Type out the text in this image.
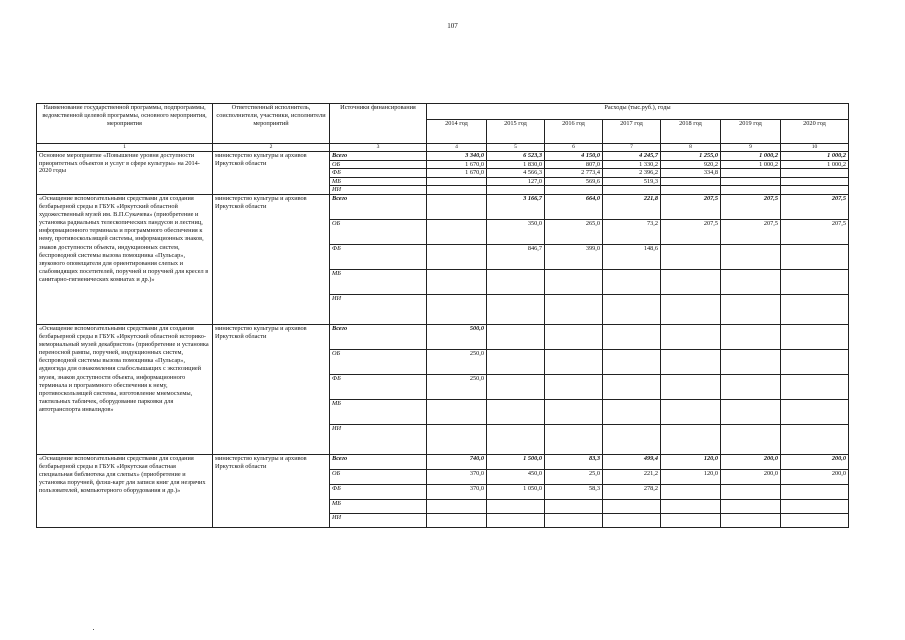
107
Наименование государственной программы, подпрограммы, ведомственной целевой программы, основного мероприятия, мероприятия	Ответственный исполнитель, соисполнители, участники, исполнители мероприятий	Источники финансирования	Расходы (тыс.руб.), годы						
			2014 год	2015 год	2016 год	2017 год	2018 год	2019 год	2020 год
1	2	3	4	5	6	7	8	9	10
Основное мероприятие «Повышение уровня доступности приоритетных объектов и услуг в сфере культуры» на 2014-2020 годы	министерство культуры и архивов Иркутской области	Всего	3 340,0	6 523,3	4 150,0	4 245,7	1 255,0	1 000,2	1 000,2
		ОБ	1 670,0	1 830,0	807,0	1 330,2	920,2	1 000,2	1 000,2
		ФБ	1 670,0	4 566,3	2 773,4	2 396,2	334,8		
		МБ		127,0	569,6	519,3			
		ИИ							
«Оснащение вспомогательными средствами для создания безбарьерной среды в ГБУК «Иркутский областной художественный музей им. В.П.Сукачева» (приобретение и установка радиальных телескопических пандусов и лестниц, информационного терминала и программного обеспечения к нему, противоскользящей системы, информационных знаков, знаков доступности объекта, индукционных систем, беспроводной системы вызова помощника «Пульсар», звукового оповещателя для ориентирования слепых и слабовидящих посетителей, поручней и поручней для кресел в санитарно-гигиенических комнатах и др.)»	министерство культуры и архивов Иркутской области	Всего		3 166,7	664,0	221,8	207,5	207,5	207,5
		ОБ		350,0	265,0	73,2	207,5	207,5	207,5
		ФБ		846,7	399,0	148,6			
		МБ							
		ИИ							
«Оснащение вспомогательными средствами для создания безбарьерной среды в ГБУК «Иркутский областной историко-мемориальный музей декабристов» (приобретение и установка переносной рампы, поручней, индукционных систем, беспроводной системы вызова помощника «Пульсар», аудиогида для ознакомления слабослышащих с экспозицией музея, знаков доступности объекта, информационного терминала и программного обеспечения к нему, противоскользящей системы, изготовление мнемосхемы, тактильных табличек, оборудование парковки для автотранспорта инвалидов»	министерство культуры и архивов Иркутской области	Всего	500,0						
		ОБ	250,0						
		ФБ	250,0						
		МБ							
		ИИ							
«Оснащение вспомогательными средствами для создания безбарьерной среды в ГБУК «Иркутская областная специальная библиотека для слепых» (приобретение и установка поручней, флэш-карт для записи книг для незрячих пользователей, компьютерного оборудования и др.)»	министерство культуры и архивов Иркутской области	Всего	740,0	1 500,0	83,3	499,4	120,0	200,0	200,0
		ОБ	370,0	450,0	25,0	221,2	120,0	200,0	200,0
		ФБ	370,0	1 050,0	58,3	278,2			
		МБ							
		ИИ							
